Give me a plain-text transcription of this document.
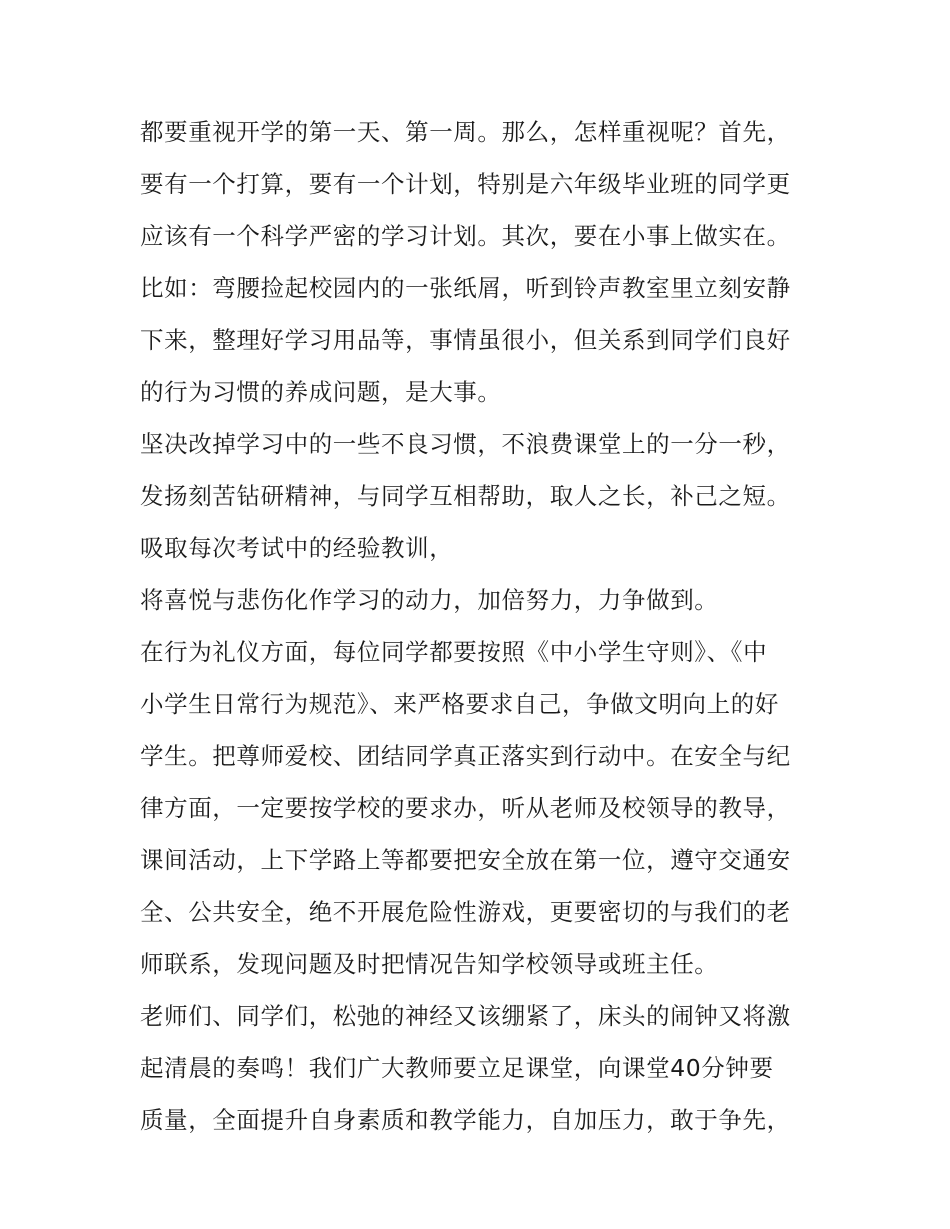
都要重视开学的第一天、第一周。那么，怎样重视呢？首先，
要有一个打算，要有一个计划，特别是六年级毕业班的同学更
应该有一个科学严密的学习计划。其次，要在小事上做实在。
比如：弯腰捡起校园内的一张纸屑，听到铃声教室里立刻安静
下来，整理好学习用品等，事情虽很小，但关系到同学们良好
的行为习惯的养成问题，是大事。
坚决改掉学习中的一些不良习惯，不浪费课堂上的一分一秒，
发扬刻苦钻研精神，与同学互相帮助，取人之长，补己之短。
吸取每次考试中的经验教训，
将喜悦与悲伤化作学习的动力，加倍努力，力争做到。
在行为礼仪方面，每位同学都要按照《中小学生守则》、《中
小学生日常行为规范》、来严格要求自己，争做文明向上的好
学生。把尊师爱校、团结同学真正落实到行动中。在安全与纪
律方面，一定要按学校的要求办，听从老师及校领导的教导，
课间活动，上下学路上等都要把安全放在第一位，遵守交通安
全、公共安全，绝不开展危险性游戏，更要密切的与我们的老
师联系，发现问题及时把情况告知学校领导或班主任。
老师们、同学们，松弛的神经又该绷紧了，床头的闹钟又将激
起清晨的奏鸣！我们广大教师要立足课堂，向课堂40分钟要
质量，全面提升自身素质和教学能力，自加压力，敢于争先，
